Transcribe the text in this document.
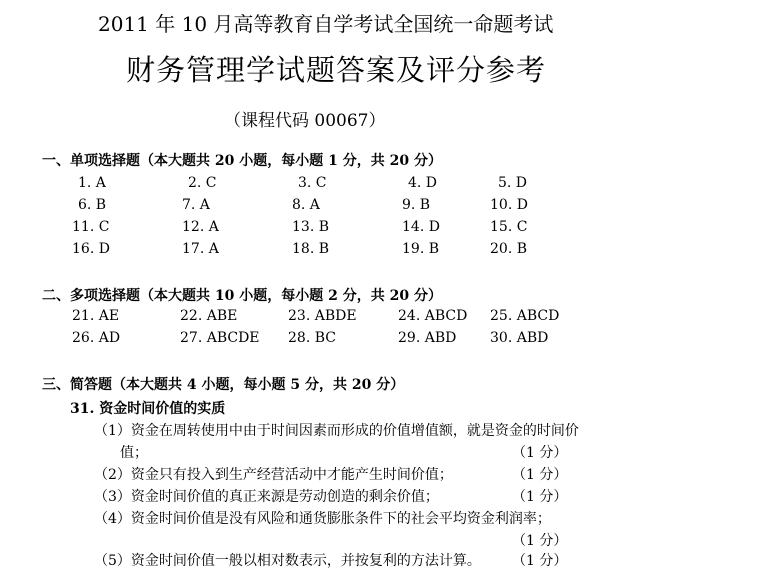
2011 年 10 月高等教育自学考试全国统一命题考试
财务管理学试题答案及评分参考
（课程代码 00067）
一、单项选择题（本大题共 20 小题，每小题 1 分，共 20 分）
1. A	2. C	3. C	4. D	5. D
6. B	7. A	8. A	9. B	10. D
11. C	12. A	13. B	14. D	15. C
16. D	17. A	18. B	19. B	20. B
二、多项选择题（本大题共 10 小题，每小题 2 分，共 20 分）
21. AE	22. ABE	23. ABDE	24. ABCD 25. ABCD
26. AD	27. ABCDE 28. BC	29. ABD 30. ABD
三、简答题（本大题共 4 小题，每小题 5 分，共 20 分）
31. 资金时间价值的实质
（1）资金在周转使用中由于时间因素而形成的价值增值额，就是资金的时间价
值；	（1 分）
（2）资金只有投入到生产经营活动中才能产生时间价值；	（1 分）
（3）资金时间价值的真正来源是劳动创造的剩余价值；	（1 分）
（4）资金时间价值是没有风险和通货膨胀条件下的社会平均资金利润率；
（1 分）
（5）资金时间价值一般以相对数表示，并按复利的方法计算。 （1 分）
